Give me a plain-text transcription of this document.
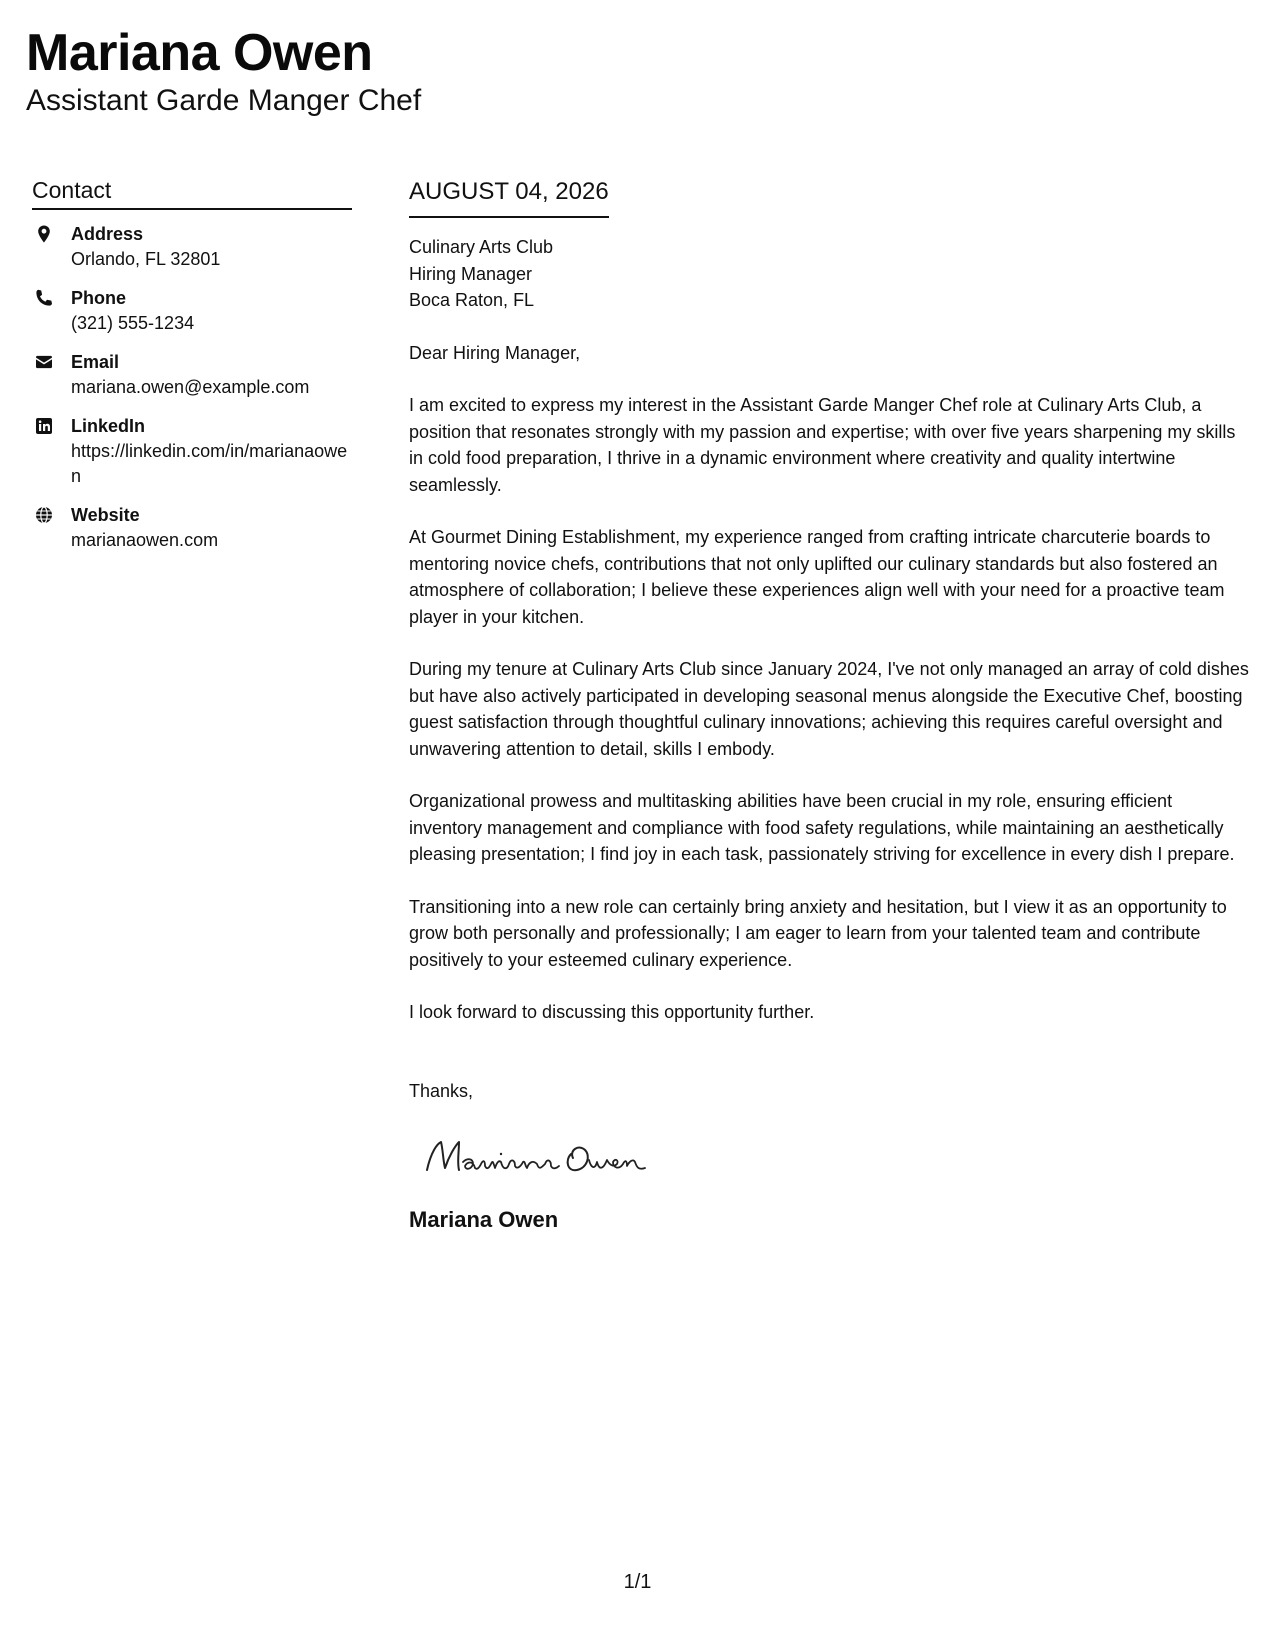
Mariana Owen
Assistant Garde Manger Chef
Contact
Address
Orlando, FL 32801
Phone
(321) 555-1234
Email
mariana.owen@example.com
LinkedIn
https://linkedin.com/in/marianaowen
Website
marianaowen.com
AUGUST 04, 2026
Culinary Arts Club
Hiring Manager
Boca Raton, FL
Dear Hiring Manager,

I am excited to express my interest in the Assistant Garde Manger Chef role at Culinary Arts Club, a position that resonates strongly with my passion and expertise; with over five years sharpening my skills in cold food preparation, I thrive in a dynamic environment where creativity and quality intertwine seamlessly.

At Gourmet Dining Establishment, my experience ranged from crafting intricate charcuterie boards to mentoring novice chefs, contributions that not only uplifted our culinary standards but also fostered an atmosphere of collaboration; I believe these experiences align well with your need for a proactive team player in your kitchen.

During my tenure at Culinary Arts Club since January 2024, I've not only managed an array of cold dishes but have also actively participated in developing seasonal menus alongside the Executive Chef, boosting guest satisfaction through thoughtful culinary innovations; achieving this requires careful oversight and unwavering attention to detail, skills I embody.

Organizational prowess and multitasking abilities have been crucial in my role, ensuring efficient inventory management and compliance with food safety regulations, while maintaining an aesthetically pleasing presentation; I find joy in each task, passionately striving for excellence in every dish I prepare.

Transitioning into a new role can certainly bring anxiety and hesitation, but I view it as an opportunity to grow both personally and professionally; I am eager to learn from your talented team and contribute positively to your esteemed culinary experience.

I look forward to discussing this opportunity further.

Thanks,
Mariana Owen
1/1
